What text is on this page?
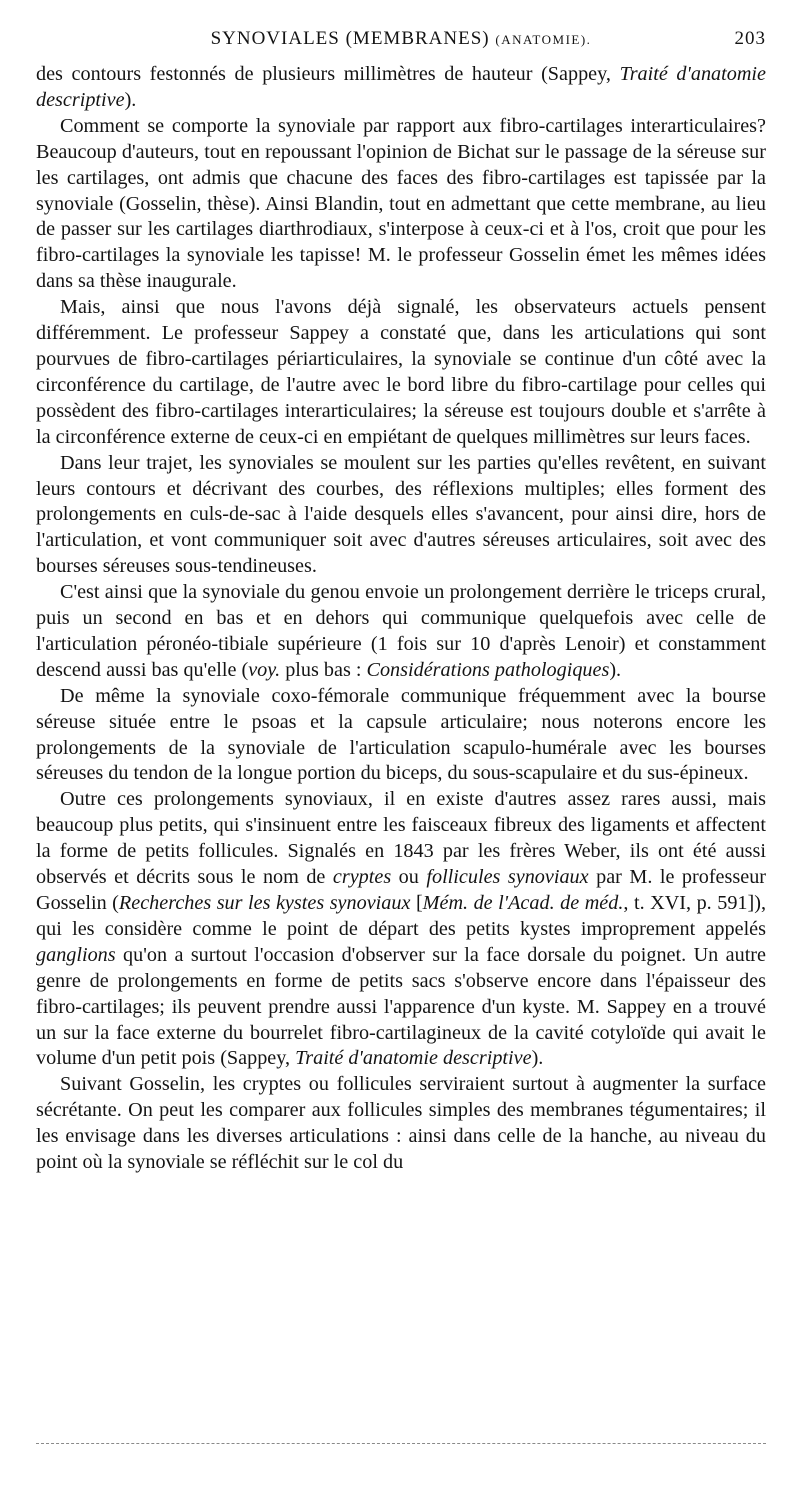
SYNOVIALES (MEMBRANES) (ANATOMIE).	203

des contours festonnés de plusieurs millimètres de hauteur (Sappey, Traité d'anatomie descriptive).

Comment se comporte la synoviale par rapport aux fibro-cartilages interarticulaires? Beaucoup d'auteurs, tout en repoussant l'opinion de Bichat sur le passage de la séreuse sur les cartilages, ont admis que chacune des faces des fibro-cartilages est tapissée par la synoviale (Gosselin, thèse). Ainsi Blandin, tout en admettant que cette membrane, au lieu de passer sur les cartilages diarthrodiaux, s'interpose à ceux-ci et à l'os, croit que pour les fibro-cartilages la synoviale les tapisse! M. le professeur Gosselin émet les mêmes idées dans sa thèse inaugurale.

Mais, ainsi que nous l'avons déjà signalé, les observateurs actuels pensent différemment. Le professeur Sappey a constaté que, dans les articulations qui sont pourvues de fibro-cartilages périarticulaires, la synoviale se continue d'un côté avec la circonférence du cartilage, de l'autre avec le bord libre du fibro-cartilage pour celles qui possèdent des fibro-cartilages interarticulaires; la séreuse est toujours double et s'arrête à la circonférence externe de ceux-ci en empiétant de quelques millimètres sur leurs faces.

Dans leur trajet, les synoviales se moulent sur les parties qu'elles revêtent, en suivant leurs contours et décrivant des courbes, des réflexions multiples; elles forment des prolongements en culs-de-sac à l'aide desquels elles s'avancent, pour ainsi dire, hors de l'articulation, et vont communiquer soit avec d'autres séreuses articulaires, soit avec des bourses séreuses sous-tendineuses.

C'est ainsi que la synoviale du genou envoie un prolongement derrière le triceps crural, puis un second en bas et en dehors qui communique quelquefois avec celle de l'articulation péronéo-tibiale supérieure (1 fois sur 10 d'après Lenoir) et constamment descend aussi bas qu'elle (voy. plus bas : Considérations pathologiques).

De même la synoviale coxo-fémorale communique fréquemment avec la bourse séreuse située entre le psoas et la capsule articulaire; nous noterons encore les prolongements de la synoviale de l'articulation scapulo-humérale avec les bourses séreuses du tendon de la longue portion du biceps, du sous-scapulaire et du sus-épineux.

Outre ces prolongements synoviaux, il en existe d'autres assez rares aussi, mais beaucoup plus petits, qui s'insinuent entre les faisceaux fibreux des ligaments et affectent la forme de petits follicules. Signalés en 1843 par les frères Weber, ils ont été aussi observés et décrits sous le nom de cryptes ou follicules synoviaux par M. le professeur Gosselin (Recherches sur les kystes synoviaux [Mém. de l'Acad. de méd., t. XVI, p. 591]), qui les considère comme le point de départ des petits kystes improprement appelés ganglions qu'on a surtout l'occasion d'observer sur la face dorsale du poignet. Un autre genre de prolongements en forme de petits sacs s'observe encore dans l'épaisseur des fibro-cartilages; ils peuvent prendre aussi l'apparence d'un kyste. M. Sappey en a trouvé un sur la face externe du bourrelet fibro-cartilagineux de la cavité cotyloïde qui avait le volume d'un petit pois (Sappey, Traité d'anatomie descriptive).

Suivant Gosselin, les cryptes ou follicules serviraient surtout à augmenter la surface sécrétante. On peut les comparer aux follicules simples des membranes tégumentaires; il les envisage dans les diverses articulations : ainsi dans celle de la hanche, au niveau du point où la synoviale se réfléchit sur le col du
